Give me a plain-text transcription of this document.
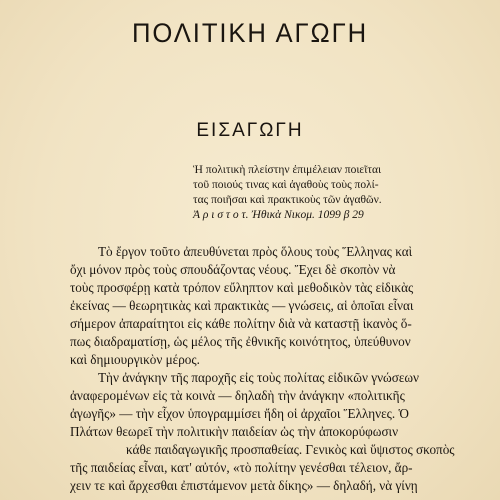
ΠΟΛΙΤΙΚΗ ΑΓΩΓΗ
ΕΙΣΑΓΩΓΗ
Ἡ πολιτικὴ πλείστην ἐπιμέλειαν ποιεῖται
τοῦ ποιούς τινας καὶ ἀγαθοὺς τοὺς πολί-
τας ποιῆσαι καὶ πρακτικοὺς τῶν ἀγαθῶν.
Ἀ ρ ι σ τ ο τ. Ἠθικὰ Νικομ. 1099 β 29
Τὸ ἔργον τοῦτο ἀπευθύνεται πρὸς ὅλους τοὺς Ἕλληνας καὶ
ὄχι μόνον πρὸς τοὺς σπουδάζοντας νέους. Ἔχει δὲ σκοπὸν νὰ
τοὺς προσφέρῃ κατὰ τρόπον εὔληπτον καὶ μεθοδικὸν τὰς εἰδικὰς
ἐκείνας — θεωρητικὰς καὶ πρακτικὰς — γνώσεις, αἱ ὁποῖαι εἶναι
σήμερον ἀπαραίτητοι εἰς κάθε πολίτην διὰ νὰ καταστῇ ἱκανὸς ὅ-
πως διαδραματίσῃ, ὡς μέλος τῆς ἐθνικῆς κοινότητος, ὑπεύθυνον
καὶ δημιουργικὸν μέρος.
Τὴν ἀνάγκην τῆς παροχῆς εἰς τοὺς πολίτας εἰδικῶν γνώσεων
ἀναφερομένων εἰς τὰ κοινὰ — δηλαδὴ τὴν ἀνάγκην «πολιτικῆς
ἀγωγῆς» — τὴν εἶχον ὑπογραμμίσει ἤδη οἱ ἀρχαῖοι Ἕλληνες. Ὁ
Πλάτων θεωρεῖ τὴν πολιτικὴν παιδείαν ὡς τὴν ἀποκορύφωσιν
κάθε παιδαγωγικῆς προσπαθείας. Γενικὸς καὶ ὕψιστος σκοπὸς
τῆς παιδείας εἶναι, κατ' αὐτόν, «τὸ πολίτην γενέσθαι τέλειον, ἄρ-
χειν τε καὶ ἄρχεσθαι ἐπιστάμενον μετὰ δίκης» — δηλαδή, νὰ γίνῃ
